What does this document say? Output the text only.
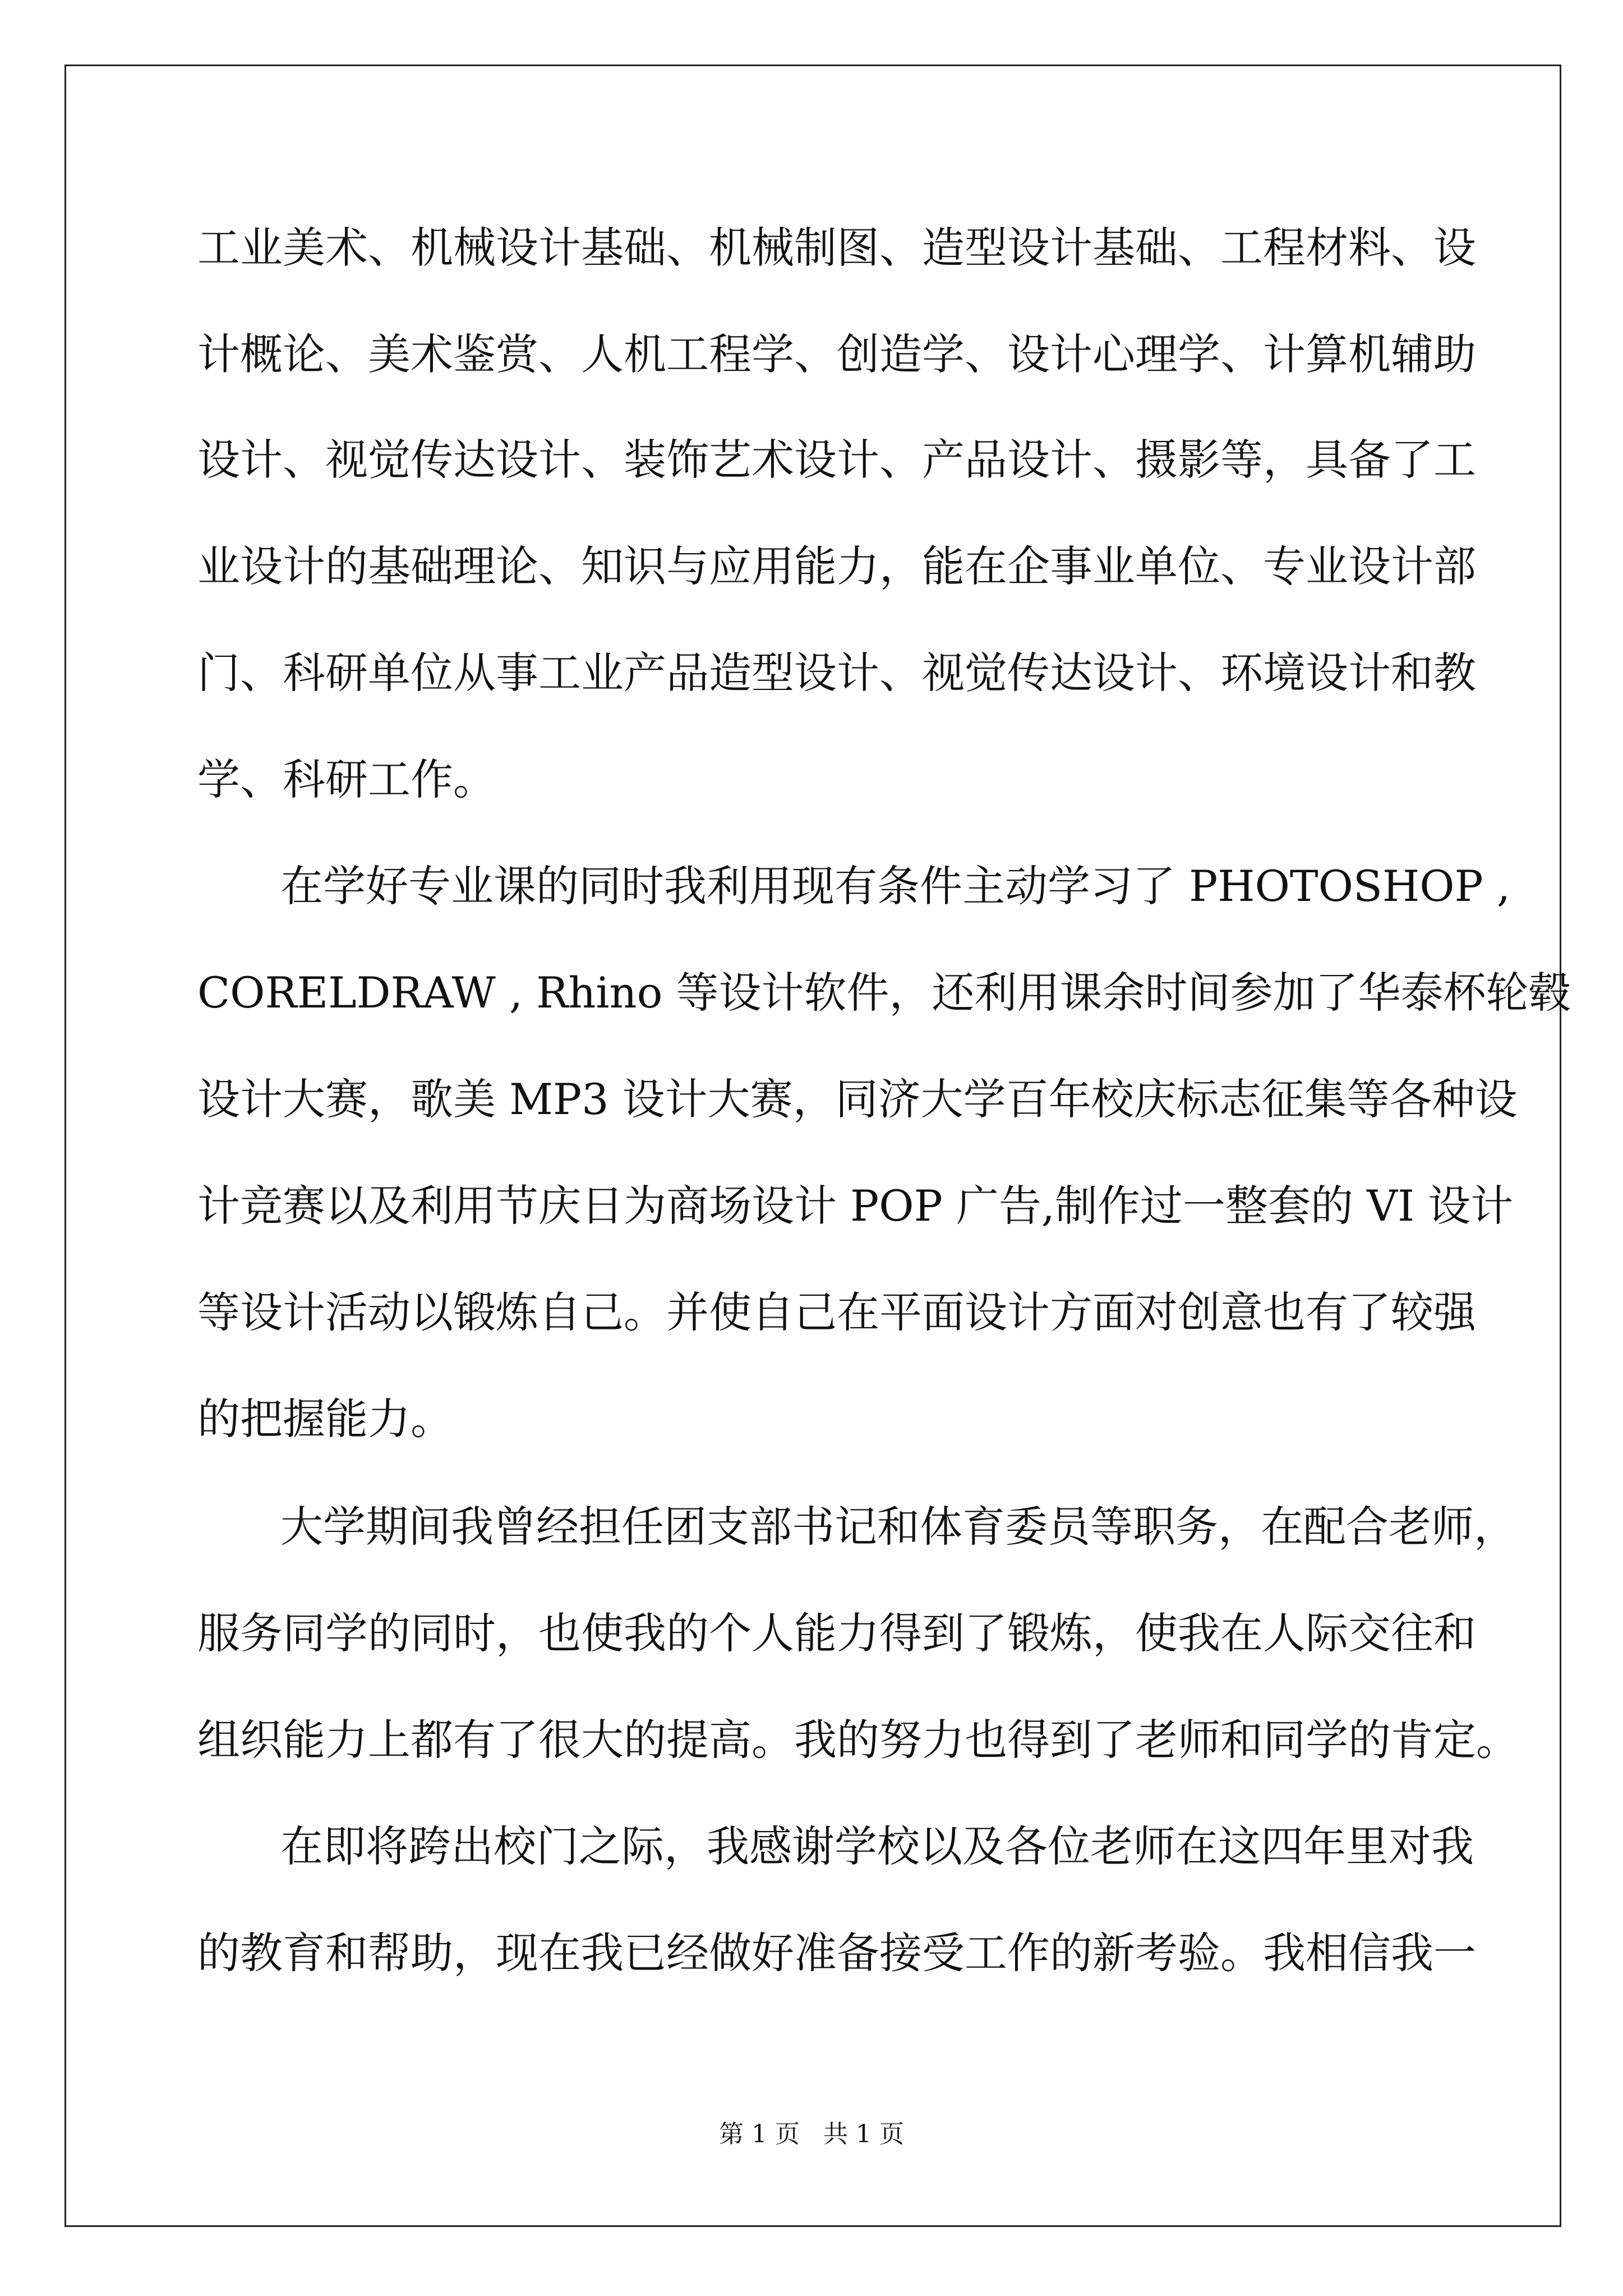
工业美术、机械设计基础、机械制图、造型设计基础、工程材料、设
计概论、美术鉴赏、人机工程学、创造学、设计心理学、计算机辅助
设计、视觉传达设计、装饰艺术设计、产品设计、摄影等，具备了工
业设计的基础理论、知识与应用能力，能在企事业单位、专业设计部
门、科研单位从事工业产品造型设计、视觉传达设计、环境设计和教
学、科研工作。
在学好专业课的同时我利用现有条件主动学习了 PHOTOSHOP ,
CORELDRAW , Rhino 等设计软件，还利用课余时间参加了华泰杯轮毂
设计大赛，歌美 MP3 设计大赛，同济大学百年校庆标志征集等各种设
计竞赛以及利用节庆日为商场设计 POP 广告,制作过一整套的 VI 设计
等设计活动以锻炼自己。并使自己在平面设计方面对创意也有了较强
的把握能力。
大学期间我曾经担任团支部书记和体育委员等职务，在配合老师，
服务同学的同时，也使我的个人能力得到了锻炼，使我在人际交往和
组织能力上都有了很大的提高。我的努力也得到了老师和同学的肯定。
在即将跨出校门之际，我感谢学校以及各位老师在这四年里对我
的教育和帮助，现在我已经做好准备接受工作的新考验。我相信我一
第 1 页   共 1 页
